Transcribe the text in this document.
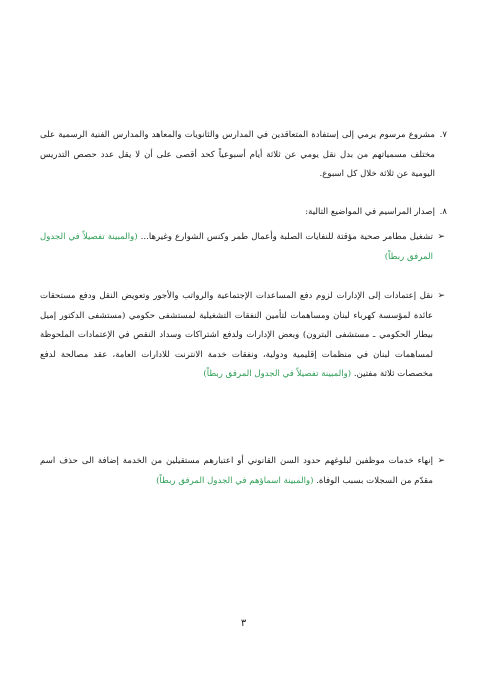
٧.
مشروع مرسوم يرمي إلى إستفادة المتعاقدين في المدارس والثانويات والمعاهد والمدارس الفنية الرسمية على مختلف مسمياتهم من بدل نقل يومي عن ثلاثة أيام أسبوعياً كحد أقصى على أن لا يقل عدد حصص التدريس اليومية عن ثلاثة خلال كل اسبوع.
٨.
إصدار المراسيم في المواضيع التالية:
➢
تشغيل مطامر صحية مؤقتة للنفايات الصلبة وأعمال طمر وكنس الشوارع وغيرها... (والمبينة تفصيلاً في الجدول المرفق ربطاً)
➢
نقل إعتمادات إلى الإدارات لزوم دفع المساعدات الإجتماعية والرواتب والأجور وتعويض النقل ودفع مستحقات عائدة لمؤسسة كهرباء لبنان ومساهمات لتأمين النفقات التشغيلية لمستشفى حكومي (مستشفى الدكتور إميل بيطار الحكومي ـ مستشفى البترون) وبعض الإدارات ولدفع اشتراكات وسداد النقص في الإعتمادات الملحوظة لمساهمات لبنان في منظمات إقليمية ودولية، ونفقات خدمة الانترنت للادارات العامة، عقد مصالحة لدفع مخصصات ثلاثة مفتين. (والمبينة تفصيلاً في الجدول المرفق ربطاً)
➢
إنهاء خدمات موظفين لبلوغهم حدود السن القانوني أو اعتبارهم مستقيلين من الخدمة إضافة الى حذف اسم مقدّم من السجلات بسبب الوفاة. (والمبينة اسماؤهم في الجدول المرفق ربطاً)
٣
